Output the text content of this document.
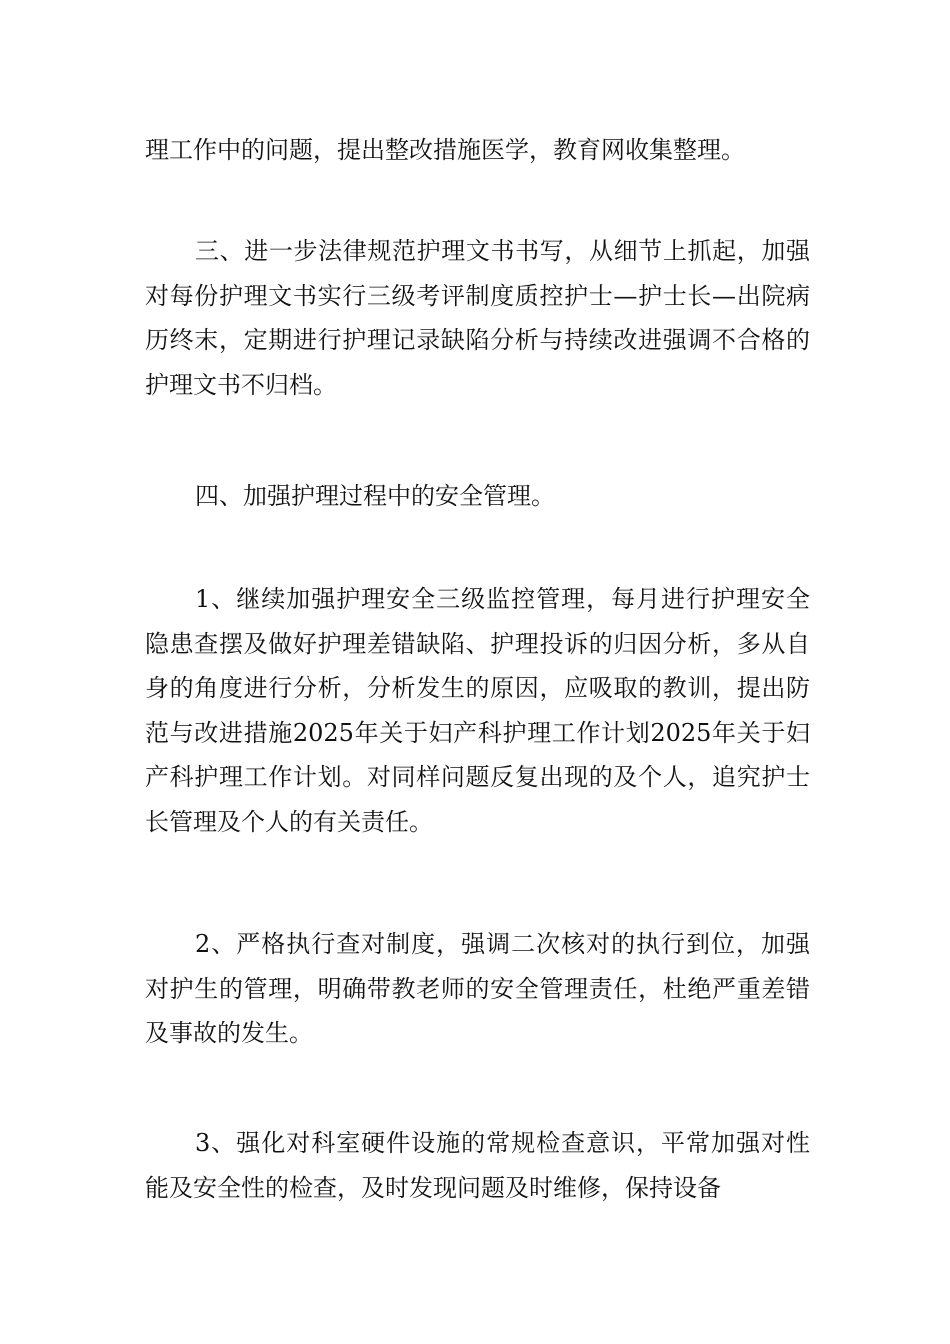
理工作中的问题，提出整改措施医学，教育网收集整理。

三、进一步法律规范护理文书书写，从细节上抓起，加强对每份护理文书实行三级考评制度质控护士—护士长—出院病历终末，定期进行护理记录缺陷分析与持续改进强调不合格的护理文书不归档。

四、加强护理过程中的安全管理。

1、继续加强护理安全三级监控管理，每月进行护理安全隐患查摆及做好护理差错缺陷、护理投诉的归因分析，多从自身的角度进行分析，分析发生的原因，应吸取的教训，提出防范与改进措施2025年关于妇产科护理工作计划2025年关于妇产科护理工作计划。对同样问题反复出现的及个人，追究护士长管理及个人的有关责任。

2、严格执行查对制度，强调二次核对的执行到位，加强对护生的管理，明确带教老师的安全管理责任，杜绝严重差错及事故的发生。

3、强化对科室硬件设施的常规检查意识，平常加强对性能及安全性的检查，及时发现问题及时维修，保持设备
